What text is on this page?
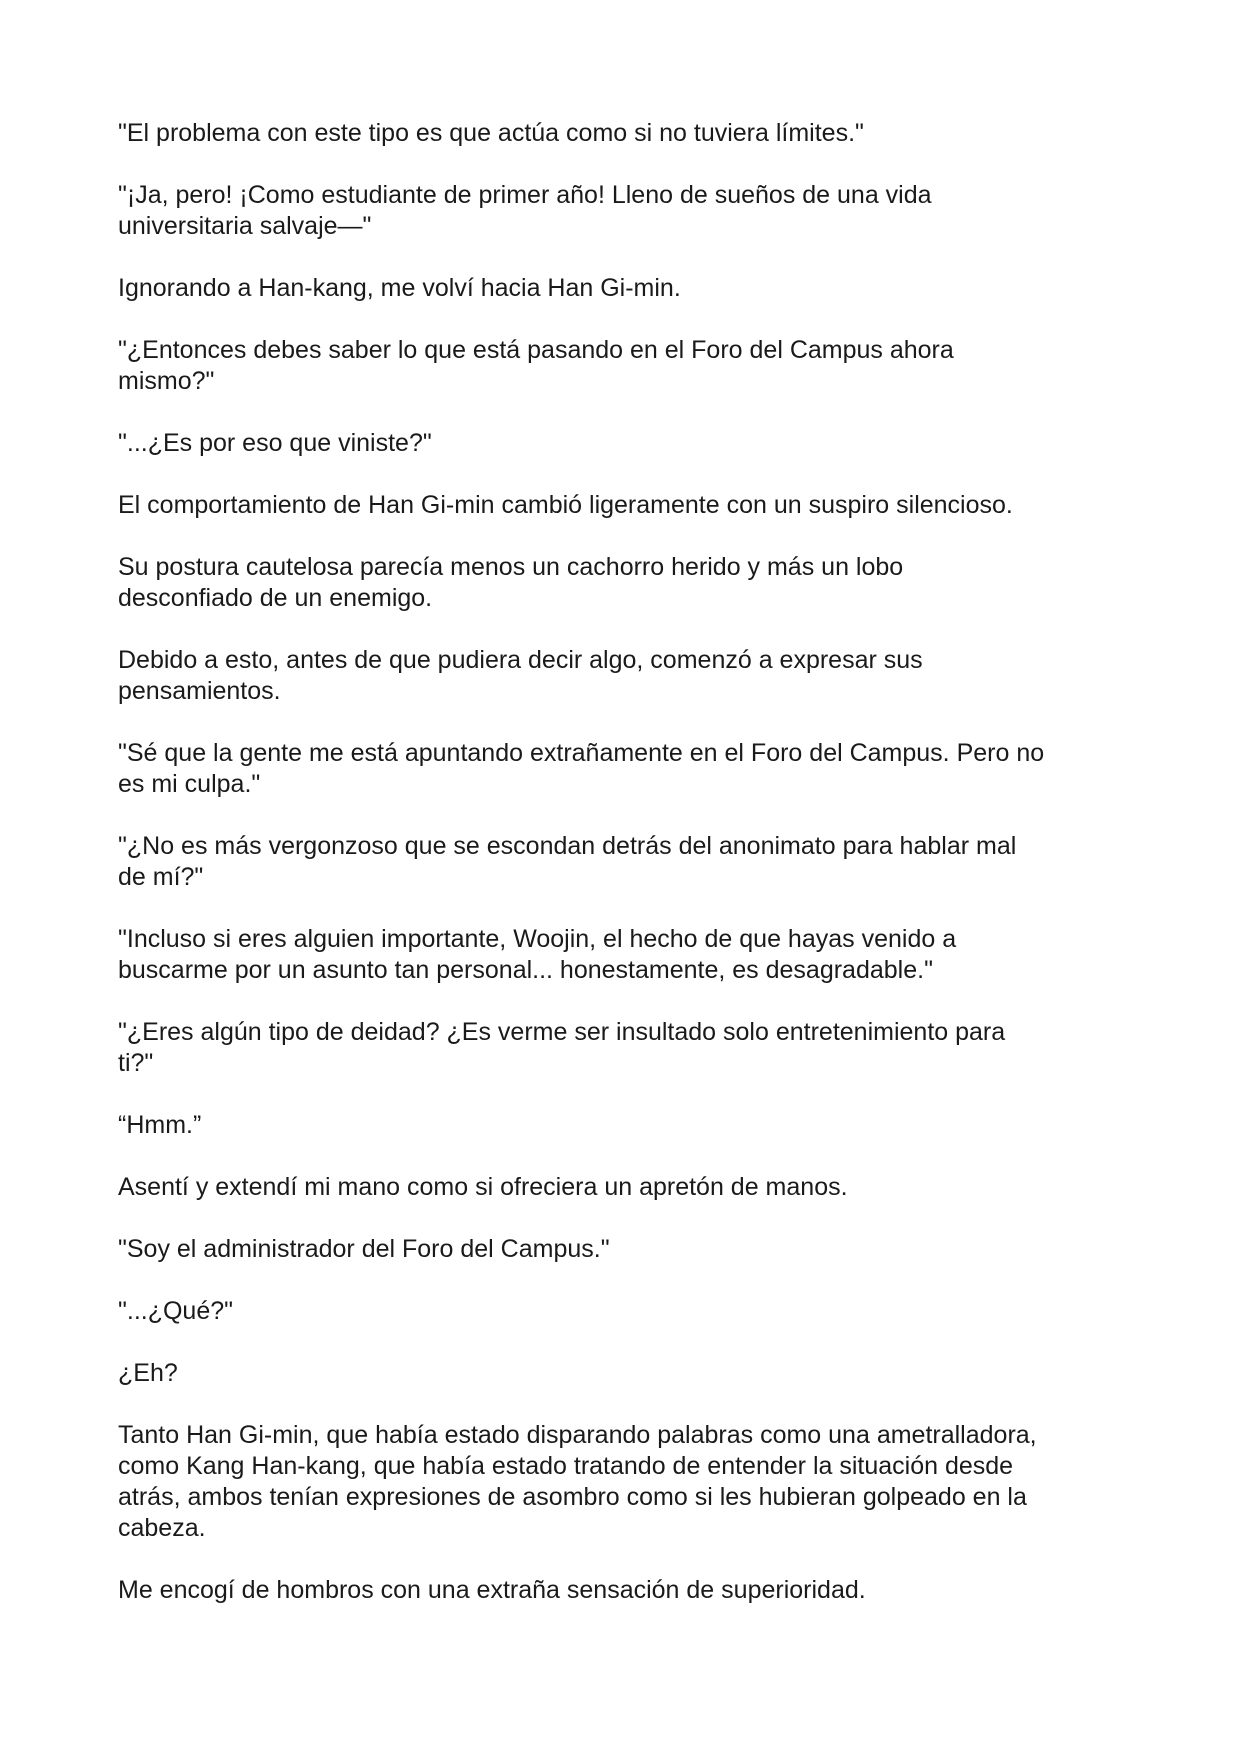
"El problema con este tipo es que actúa como si no tuviera límites."

"¡Ja, pero! ¡Como estudiante de primer año! Lleno de sueños de una vida
universitaria salvaje—"

Ignorando a Han-kang, me volví hacia Han Gi-min.

"¿Entonces debes saber lo que está pasando en el Foro del Campus ahora
mismo?"

"...¿Es por eso que viniste?"

El comportamiento de Han Gi-min cambió ligeramente con un suspiro silencioso.

Su postura cautelosa parecía menos un cachorro herido y más un lobo
desconfiado de un enemigo.

Debido a esto, antes de que pudiera decir algo, comenzó a expresar sus
pensamientos.

"Sé que la gente me está apuntando extrañamente en el Foro del Campus. Pero no
es mi culpa."

"¿No es más vergonzoso que se escondan detrás del anonimato para hablar mal
de mí?"

"Incluso si eres alguien importante, Woojin, el hecho de que hayas venido a
buscarme por un asunto tan personal... honestamente, es desagradable."

"¿Eres algún tipo de deidad? ¿Es verme ser insultado solo entretenimiento para
ti?"

“Hmm.”

Asentí y extendí mi mano como si ofreciera un apretón de manos.

"Soy el administrador del Foro del Campus."

"...¿Qué?"

¿Eh?

Tanto Han Gi-min, que había estado disparando palabras como una ametralladora,
como Kang Han-kang, que había estado tratando de entender la situación desde
atrás, ambos tenían expresiones de asombro como si les hubieran golpeado en la
cabeza.

Me encogí de hombros con una extraña sensación de superioridad.
